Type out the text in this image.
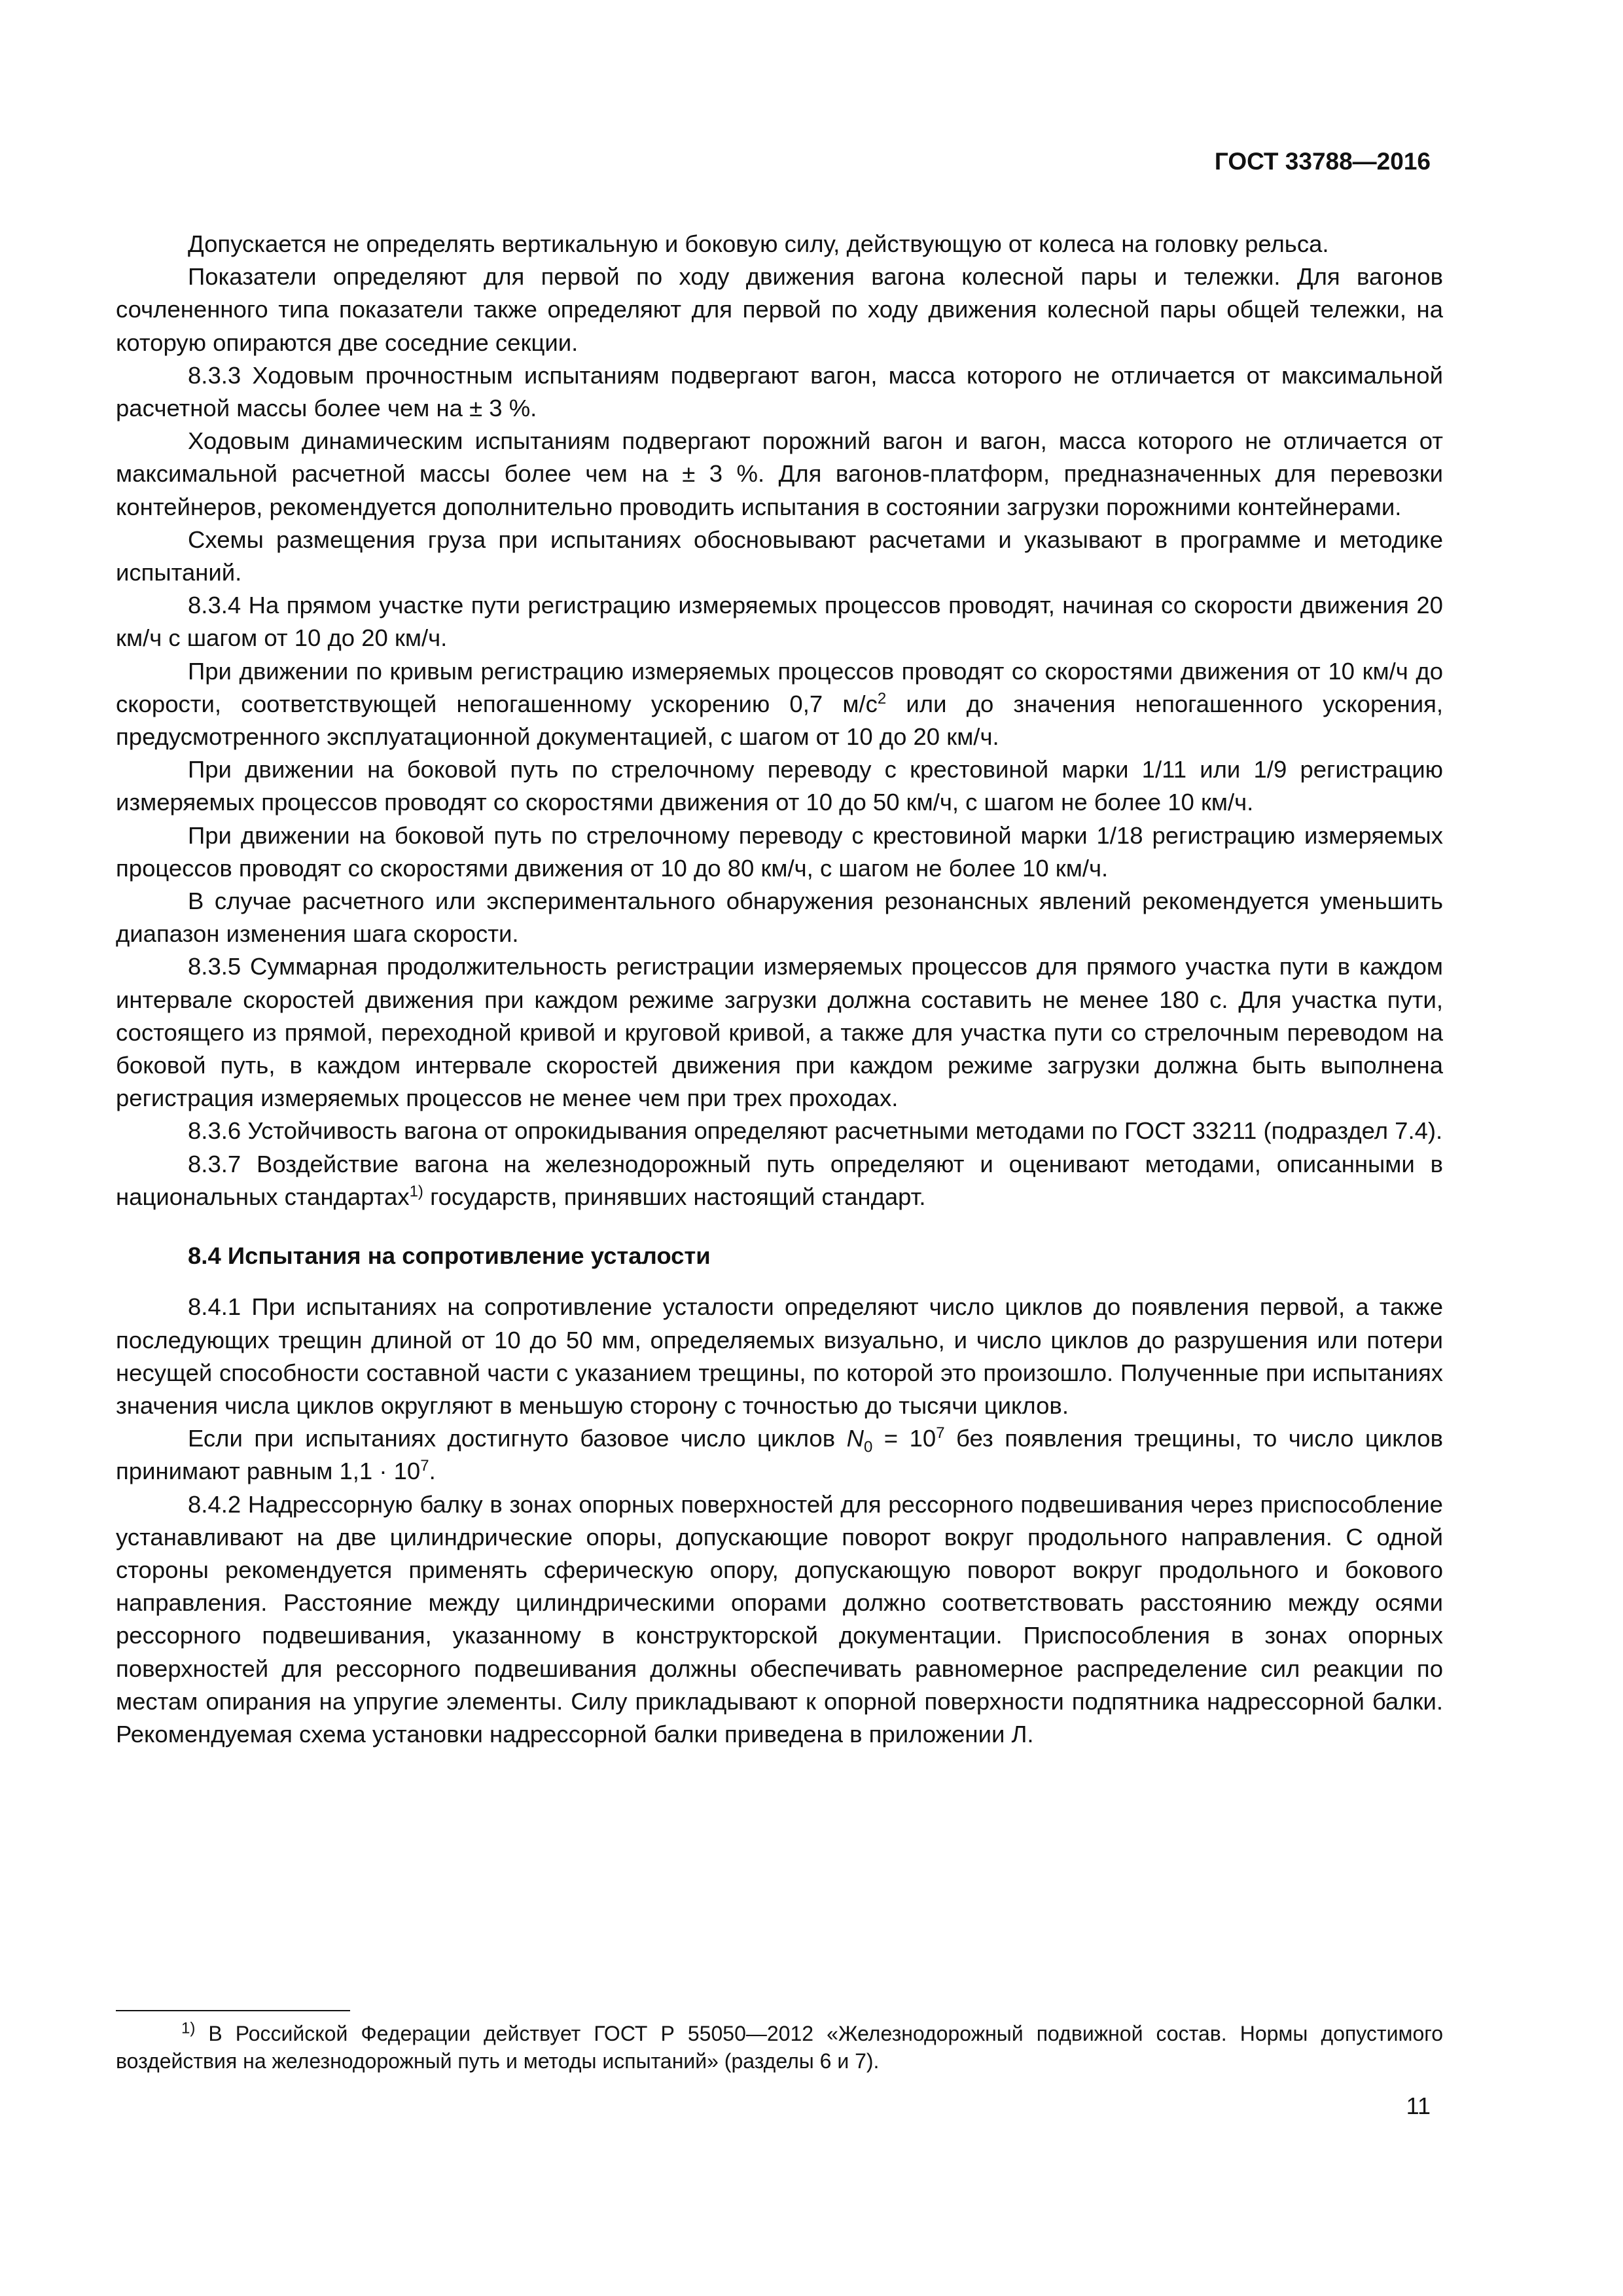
ГОСТ 33788—2016

Допускается не определять вертикальную и боковую силу, действующую от колеса на головку рельса.

Показатели определяют для первой по ходу движения вагона колесной пары и тележки. Для вагонов сочлененного типа показатели также определяют для первой по ходу движения колесной пары общей тележки, на которую опираются две соседние секции.

8.3.3 Ходовым прочностным испытаниям подвергают вагон, масса которого не отличается от максимальной расчетной массы более чем на ± 3 %.

Ходовым динамическим испытаниям подвергают порожний вагон и вагон, масса которого не отличается от максимальной расчетной массы более чем на ± 3 %. Для вагонов-платформ, предназначенных для перевозки контейнеров, рекомендуется дополнительно проводить испытания в состоянии загрузки порожними контейнерами.

Схемы размещения груза при испытаниях обосновывают расчетами и указывают в программе и методике испытаний.

8.3.4 На прямом участке пути регистрацию измеряемых процессов проводят, начиная со скорости движения 20 км/ч с шагом от 10 до 20 км/ч.

При движении по кривым регистрацию измеряемых процессов проводят со скоростями движения от 10 км/ч до скорости, соответствующей непогашенному ускорению 0,7 $м/с^2$ или до значения непогашенного ускорения, предусмотренного эксплуатационной документацией, с шагом от 10 до 20 км/ч.

При движении на боковой путь по стрелочному переводу с крестовиной марки 1/11 или 1/9 регистрацию измеряемых процессов проводят со скоростями движения от 10 до 50 км/ч, с шагом не более 10 км/ч.

При движении на боковой путь по стрелочному переводу с крестовиной марки 1/18 регистрацию измеряемых процессов проводят со скоростями движения от 10 до 80 км/ч, с шагом не более 10 км/ч.

В случае расчетного или экспериментального обнаружения резонансных явлений рекомендуется уменьшить диапазон изменения шага скорости.

8.3.5 Суммарная продолжительность регистрации измеряемых процессов для прямого участка пути в каждом интервале скоростей движения при каждом режиме загрузки должна составить не менее 180 с. Для участка пути, состоящего из прямой, переходной кривой и круговой кривой, а также для участка пути со стрелочным переводом на боковой путь, в каждом интервале скоростей движения при каждом режиме загрузки должна быть выполнена регистрация измеряемых процессов не менее чем при трех проходах.

8.3.6 Устойчивость вагона от опрокидывания определяют расчетными методами по ГОСТ 33211 (подраздел 7.4).

8.3.7 Воздействие вагона на железнодорожный путь определяют и оценивают методами, описанными в национальных стандартах$^{1)}$ государств, принявших настоящий стандарт.

8.4 Испытания на сопротивление усталости

8.4.1 При испытаниях на сопротивление усталости определяют число циклов до появления первой, а также последующих трещин длиной от 10 до 50 мм, определяемых визуально, и число циклов до разрушения или потери несущей способности составной части с указанием трещины, по которой это произошло. Полученные при испытаниях значения числа циклов округляют в меньшую сторону с точностью до тысячи циклов.

Если при испытаниях достигнуто базовое число циклов $N_0 = 10^7$ без появления трещины, то число циклов принимают равным $1,1 \cdot 10^7$.

8.4.2 Надрессорную балку в зонах опорных поверхностей для рессорного подвешивания через приспособление устанавливают на две цилиндрические опоры, допускающие поворот вокруг продольного направления. С одной стороны рекомендуется применять сферическую опору, допускающую поворот вокруг продольного и бокового направления. Расстояние между цилиндрическими опорами должно соответствовать расстоянию между осями рессорного подвешивания, указанному в конструкторской документации. Приспособления в зонах опорных поверхностей для рессорного подвешивания должны обеспечивать равномерное распределение сил реакции по местам опирания на упругие элементы. Силу прикладывают к опорной поверхности подпятника надрессорной балки. Рекомендуемая схема установки надрессорной балки приведена в приложении Л.

$^{1)}$ В Российской Федерации действует ГОСТ Р 55050—2012 «Железнодорожный подвижной состав. Нормы допустимого воздействия на железнодорожный путь и методы испытаний» (разделы 6 и 7).

11
